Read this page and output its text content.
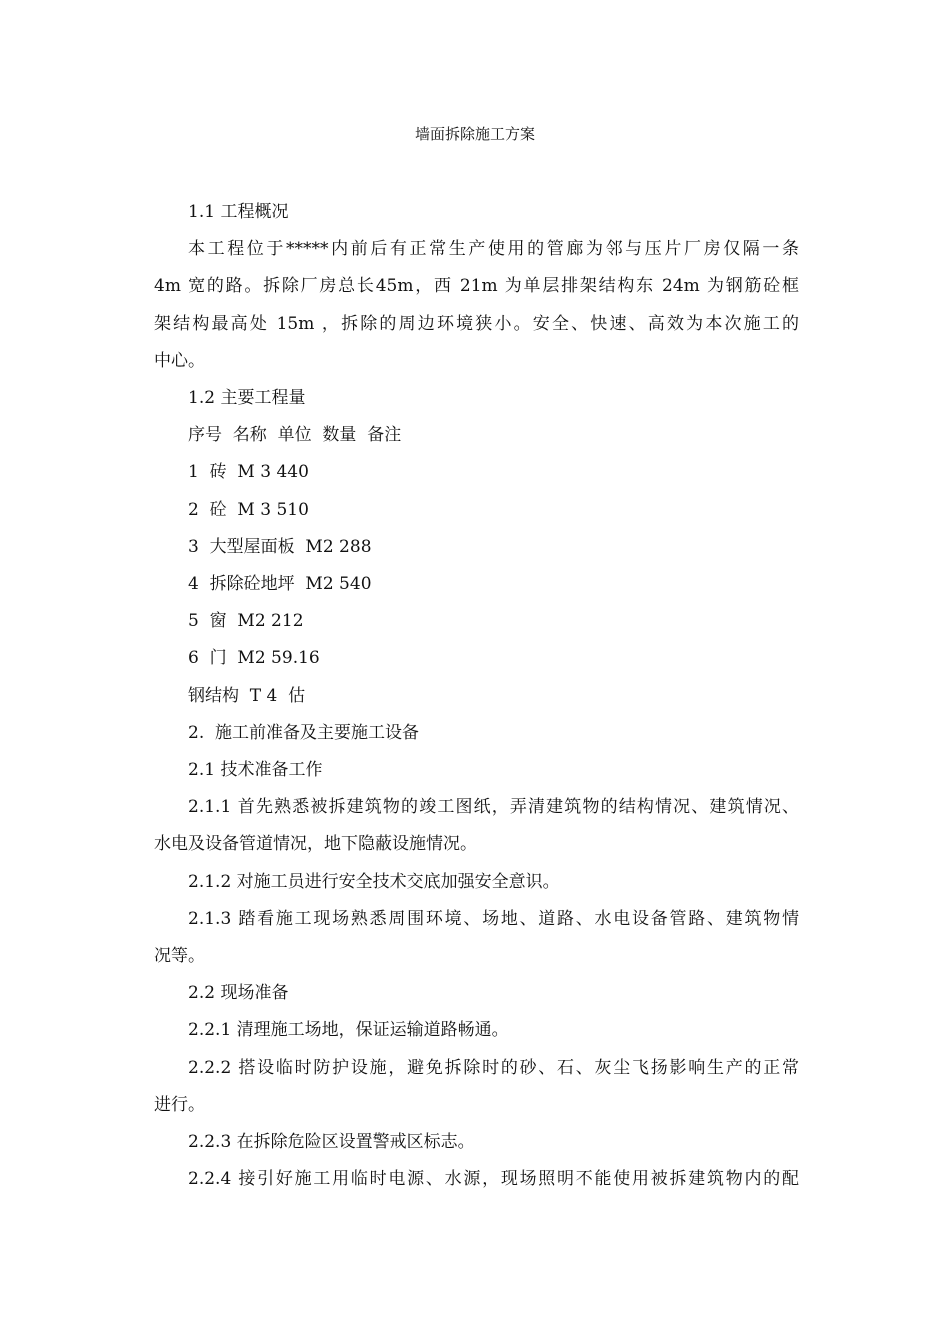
墙面拆除施工方案

1.1 工程概况

本工程位于*****内前后有正常生产使用的管廊为邻与压片厂房仅隔一条
4m 宽的路。拆除厂房总长45m，西 21m 为单层排架结构东 24m 为钢筋砼框
架结构最高处 15m ，拆除的周边环境狭小。安全、快速、高效为本次施工的
中心。

1.2 主要工程量

序号  名称  单位  数量  备注

1  砖  M 3 440

2  砼  M 3 510

3  大型屋面板  M2 288

4  拆除砼地坪  M2 540

5  窗  M2 212

6  门  M2 59.16

钢结构  T 4  估

2.  施工前准备及主要施工设备

2.1 技术准备工作

2.1.1 首先熟悉被拆建筑物的竣工图纸，弄清建筑物的结构情况、建筑情况、
水电及设备管道情况，地下隐蔽设施情况。

2.1.2 对施工员进行安全技术交底加强安全意识。

2.1.3 踏看施工现场熟悉周围环境、场地、道路、水电设备管路、建筑物情
况等。

2.2 现场准备

2.2.1 清理施工场地，保证运输道路畅通。

2.2.2 搭设临时防护设施，避免拆除时的砂、石、灰尘飞扬影响生产的正常
进行。

2.2.3 在拆除危险区设置警戒区标志。

2.2.4 接引好施工用临时电源、水源，现场照明不能使用被拆建筑物内的配
